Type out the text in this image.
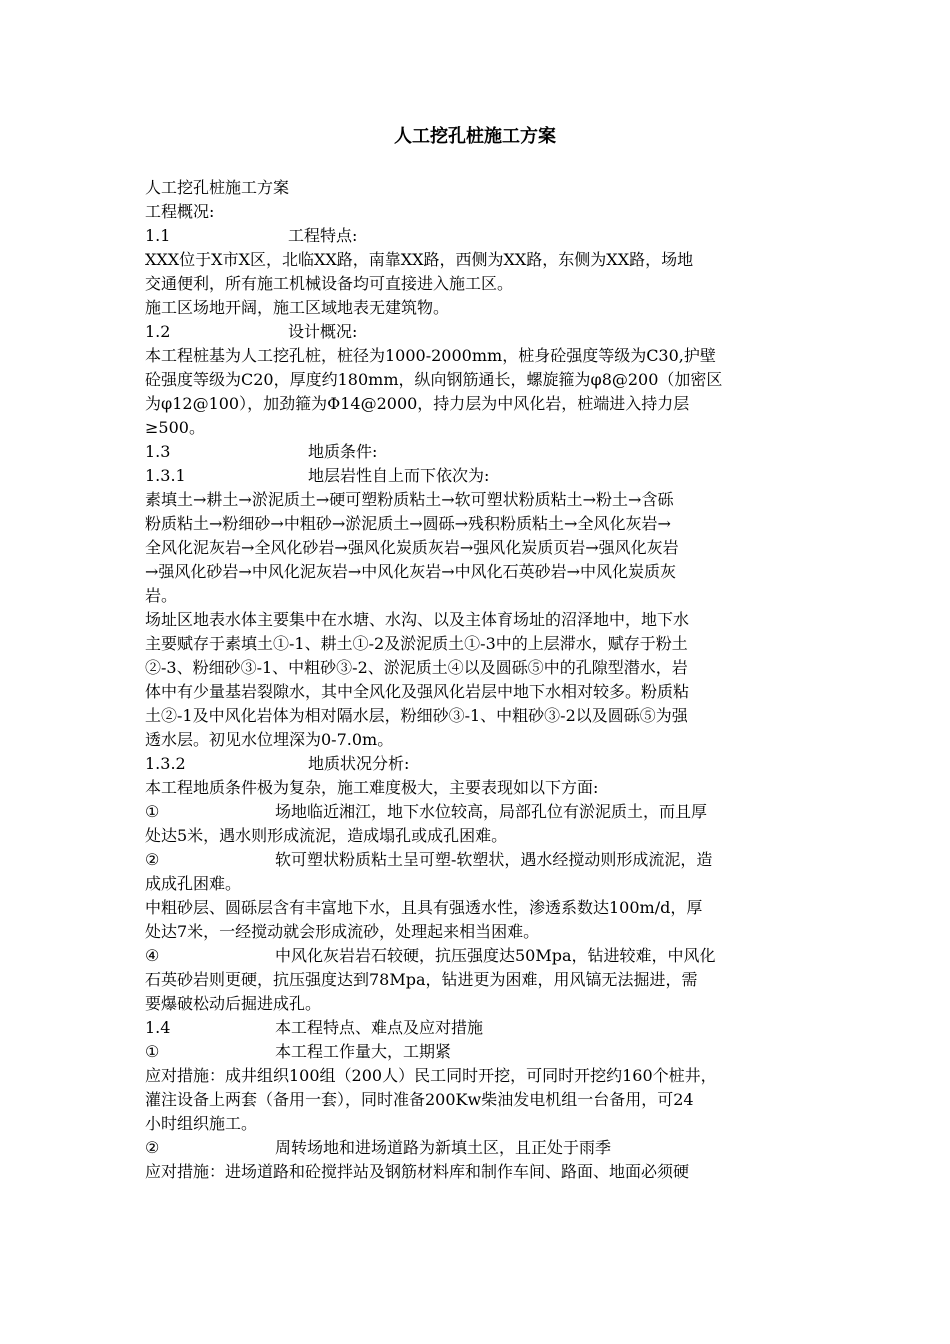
人工挖孔桩施工方案
人工挖孔桩施工方案
工程概况:
1.1	工程特点:
XXX位于X市X区，北临XX路，南靠XX路，西侧为XX路，东侧为XX路，场地
交通便利，所有施工机械设备均可直接进入施工区。
施工区场地开阔，施工区域地表无建筑物。
1.2	设计概况:
本工程桩基为人工挖孔桩，桩径为1000-2000mm，桩身砼强度等级为C30,护壁
砼强度等级为C20，厚度约180mm，纵向钢筋通长，螺旋箍为φ8@200（加密区
为φ12@100），加劲箍为Φ14@2000，持力层为中风化岩，桩端进入持力层
≥500。
1.3	地质条件:
1.3.1	地层岩性自上而下依次为:
素填土→耕土→淤泥质土→硬可塑粉质粘土→软可塑状粉质粘土→粉土→含砾
粉质粘土→粉细砂→中粗砂→淤泥质土→圆砾→残积粉质粘土→全风化灰岩→
全风化泥灰岩→全风化砂岩→强风化炭质灰岩→强风化炭质页岩→强风化灰岩
→强风化砂岩→中风化泥灰岩→中风化灰岩→中风化石英砂岩→中风化炭质灰
岩。
场址区地表水体主要集中在水塘、水沟、以及主体育场址的沼泽地中，地下水
主要赋存于素填土①-1、耕土①-2及淤泥质土①-3中的上层滞水，赋存于粉土
②-3、粉细砂③-1、中粗砂③-2、淤泥质土④以及圆砾⑤中的孔隙型潜水，岩
体中有少量基岩裂隙水，其中全风化及强风化岩层中地下水相对较多。粉质粘
土②-1及中风化岩体为相对隔水层，粉细砂③-1、中粗砂③-2以及圆砾⑤为强
透水层。初见水位埋深为0-7.0m。
1.3.2	地质状况分析:
本工程地质条件极为复杂，施工难度极大，主要表现如以下方面:
①	场地临近湘江，地下水位较高，局部孔位有淤泥质土，而且厚
处达5米，遇水则形成流泥，造成塌孔或成孔困难。
②	软可塑状粉质粘土呈可塑-软塑状，遇水经搅动则形成流泥，造
成成孔困难。
中粗砂层、圆砾层含有丰富地下水，且具有强透水性，渗透系数达100m/d，厚
处达7米，一经搅动就会形成流砂，处理起来相当困难。
④	中风化灰岩岩石较硬，抗压强度达50Mpa，钻进较难，中风化
石英砂岩则更硬，抗压强度达到78Mpa，钻进更为困难，用风镐无法掘进，需
要爆破松动后掘进成孔。
1.4	本工程特点、难点及应对措施
①	本工程工作量大，工期紧
应对措施：成井组织100组（200人）民工同时开挖，可同时开挖约160个桩井，
灌注设备上两套（备用一套），同时准备200Kw柴油发电机组一台备用，可24
小时组织施工。
②	周转场地和进场道路为新填土区，且正处于雨季
应对措施：进场道路和砼搅拌站及钢筋材料库和制作车间、路面、地面必须硬
